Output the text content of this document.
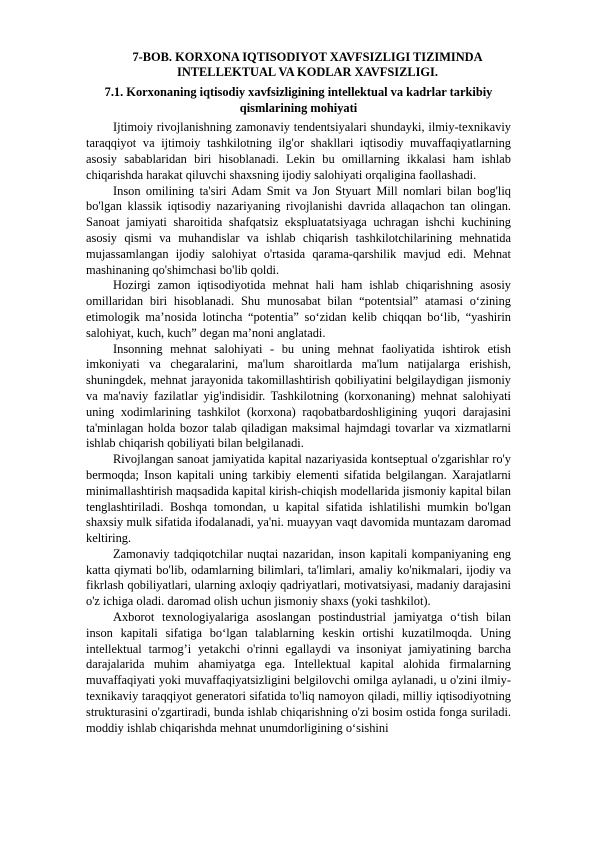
7-BOB. KORXONA IQTISODIYOT XAVFSIZLIGI TIZIMINDA INTELLEKTUAL VA KODLAR XAVFSIZLIGI.
7.1. Korxonaning iqtisodiy xavfsizligining intellektual va kadrlar tarkibiy qismlarining mohiyati

Ijtimoiy rivojlanishning zamonaviy tendentsiyalari shundayki, ilmiy-texnikaviy taraqqiyot va ijtimoiy tashkilotning ilg'or shakllari iqtisodiy muvaffaqiyatlarning asosiy sabablaridan biri hisoblanadi. Lekin bu omillarning ikkalasi ham ishlab chiqarishda harakat qiluvchi shaxsning ijodiy salohiyati orqaligina faollashadi.

Inson omilining ta'siri Adam Smit va Jon Styuart Mill nomlari bilan bog'liq bo'lgan klassik iqtisodiy nazariyaning rivojlanishi davrida allaqachon tan olingan. Sanoat jamiyati sharoitida shafqatsiz ekspluatatsiyaga uchragan ishchi kuchining asosiy qismi va muhandislar va ishlab chiqarish tashkilotchilarining mehnatida mujassamlangan ijodiy salohiyat o'rtasida qarama-qarshilik mavjud edi. Mehnat mashinaning qo'shimchasi bo'lib qoldi.

Hozirgi zamon iqtisodiyotida mehnat hali ham ishlab chiqarishning asosiy omillaridan biri hisoblanadi. Shu munosabat bilan “potentsial” atamasi o‘zining etimologik ma’nosida lotincha “potentia” so‘zidan kelib chiqqan bo‘lib, “yashirin salohiyat, kuch, kuch” degan ma’noni anglatadi.

Insonning mehnat salohiyati - bu uning mehnat faoliyatida ishtirok etish imkoniyati va chegaralarini, ma'lum sharoitlarda ma'lum natijalarga erishish, shuningdek, mehnat jarayonida takomillashtirish qobiliyatini belgilaydigan jismoniy va ma'naviy fazilatlar yig'indisidir. Tashkilotning (korxonaning) mehnat salohiyati uning xodimlarining tashkilot (korxona) raqobatbardoshligining yuqori darajasini ta'minlagan holda bozor talab qiladigan maksimal hajmdagi tovarlar va xizmatlarni ishlab chiqarish qobiliyati bilan belgilanadi.

Rivojlangan sanoat jamiyatida kapital nazariyasida kontseptual o'zgarishlar ro'y bermoqda; Inson kapitali uning tarkibiy elementi sifatida belgilangan. Xarajatlarni minimallashtirish maqsadida kapital kirish-chiqish modellarida jismoniy kapital bilan tenglashtiriladi. Boshqa tomondan, u kapital sifatida ishlatilishi mumkin bo'lgan shaxsiy mulk sifatida ifodalanadi, ya'ni. muayyan vaqt davomida muntazam daromad keltiring.

Zamonaviy tadqiqotchilar nuqtai nazaridan, inson kapitali kompaniyaning eng katta qiymati bo'lib, odamlarning bilimlari, ta'limlari, amaliy ko'nikmalari, ijodiy va fikrlash qobiliyatlari, ularning axloqiy qadriyatlari, motivatsiyasi, madaniy darajasini o'z ichiga oladi. daromad olish uchun jismoniy shaxs (yoki tashkilot).

Axborot texnologiyalariga asoslangan postindustrial jamiyatga o‘tish bilan inson kapitali sifatiga bo‘lgan talablarning keskin ortishi kuzatilmoqda. Uning intellektual tarmog’i yetakchi o'rinni egallaydi va insoniyat jamiyatining barcha darajalarida muhim ahamiyatga ega. Intellektual kapital alohida firmalarning muvaffaqiyati yoki muvaffaqiyatsizligini belgilovchi omilga aylanadi, u o'zini ilmiy-texnikaviy taraqqiyot generatori sifatida to'liq namoyon qiladi, milliy iqtisodiyotning strukturasini o'zgartiradi, bunda ishlab chiqarishning o'zi bosim ostida fonga suriladi. moddiy ishlab chiqarishda mehnat unumdorligining o‘sishini
